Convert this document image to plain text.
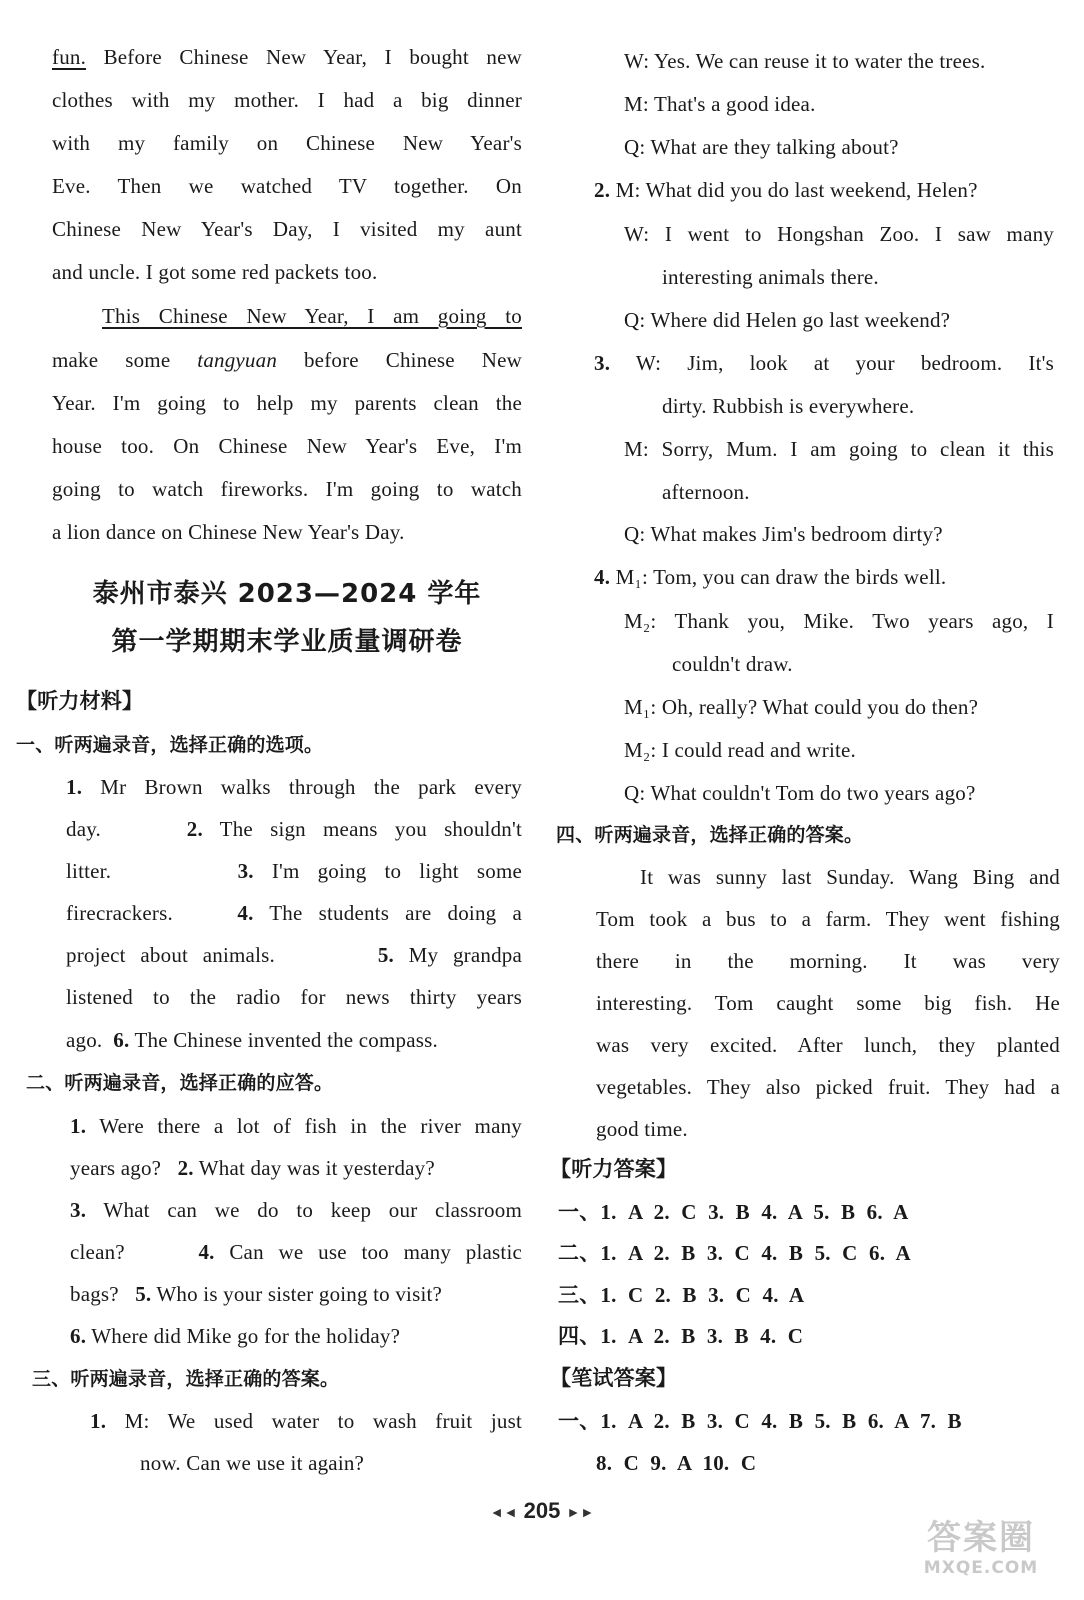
fun. Before Chinese New Year, I bought new
clothes with my mother. I had a big dinner
with my family on Chinese New Year's
Eve. Then we watched TV together. On
Chinese New Year's Day, I visited my aunt
and uncle. I got some red packets too.
This Chinese New Year, I am going to
make some tangyuan before Chinese New
Year. I'm going to help my parents clean the
house too. On Chinese New Year's Eve, I'm
going to watch fireworks. I'm going to watch
a lion dance on Chinese New Year's Day.
泰州市泰兴 2023—2024 学年
第一学期期末学业质量调研卷
【听力材料】
一、听两遍录音，选择正确的选项。
1. Mr Brown walks through the park every
day.	2. The sign means you shouldn't
litter.	3. I'm going to light some
firecrackers.	4. The students are doing a
project about animals.	5. My grandpa
listened to the radio for news thirty years
ago. 6. The Chinese invented the compass.
二、听两遍录音，选择正确的应答。
1. Were there a lot of fish in the river many
years ago? 2. What day was it yesterday?
3. What can we do to keep our classroom
clean?	4. Can we use too many plastic
bags? 5. Who is your sister going to visit?
6. Where did Mike go for the holiday?
三、听两遍录音，选择正确的答案。
1. M: We used water to wash fruit just
now. Can we use it again?
W: Yes. We can reuse it to water the trees.
M: That's a good idea.
Q: What are they talking about?
2. M: What did you do last weekend, Helen?
W: I went to Hongshan Zoo. I saw many
interesting animals there.
Q: Where did Helen go last weekend?
3. W: Jim, look at your bedroom. It's
dirty. Rubbish is everywhere.
M: Sorry, Mum. I am going to clean it this
afternoon.
Q: What makes Jim's bedroom dirty?
4. M₁: Tom, you can draw the birds well.
M₂: Thank you, Mike. Two years ago, I
couldn't draw.
M₁: Oh, really? What could you do then?
M₂: I could read and write.
Q: What couldn't Tom do two years ago?
四、听两遍录音，选择正确的答案。
It was sunny last Sunday. Wang Bing and
Tom took a bus to a farm. They went fishing
there in the morning. It was very
interesting. Tom caught some big fish. He
was very excited. After lunch, they planted
vegetables. They also picked fruit. They had a
good time.
【听力答案】
一、1. A 2. C 3. B 4. A 5. B 6. A
二、1. A 2. B 3. C 4. B 5. C 6. A
三、1. C 2. B 3. C 4. A
四、1. A 2. B 3. B 4. C
【笔试答案】
一、1. A 2. B 3. C 4. B 5. B 6. A 7. B
8. C 9. A 10. C
◄◄ 205 ►►
答案圈
MXQE.COM
